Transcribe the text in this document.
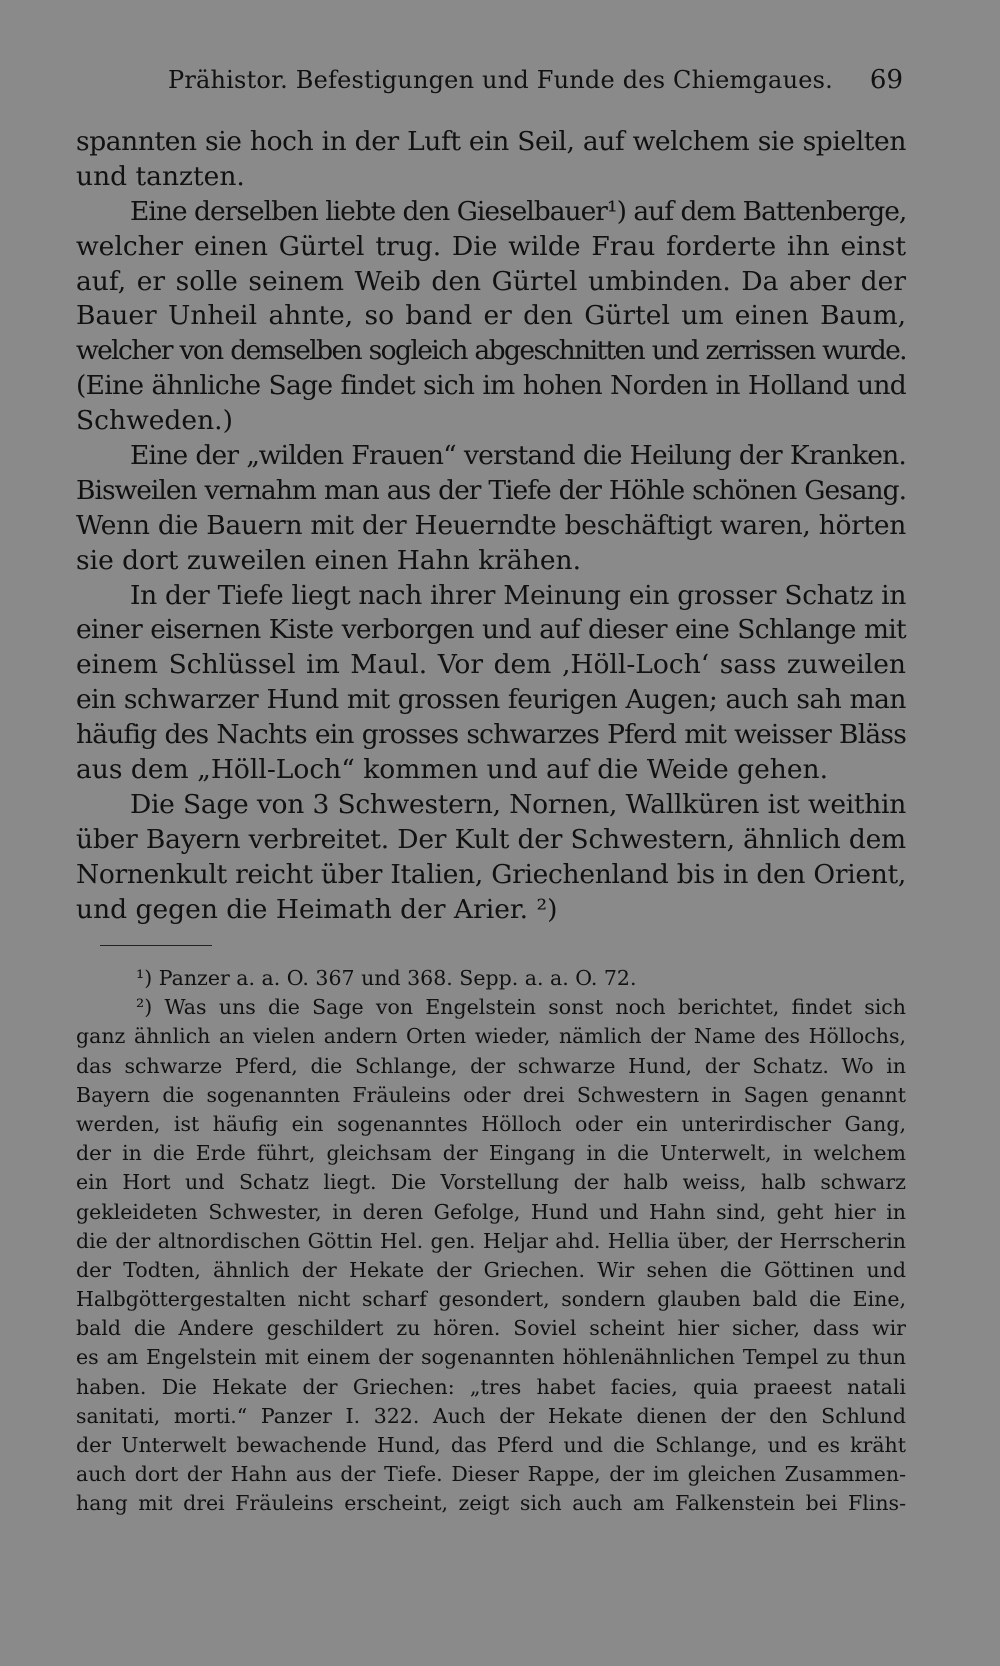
Prähistor. Befestigungen und Funde des Chiemgaues. 69
spannten sie hoch in der Luft ein Seil, auf welchem sie spielten
und tanzten.
Eine derselben liebte den Gieselbauer¹) auf dem Battenberge,
welcher einen Gürtel trug. Die wilde Frau forderte ihn einst
auf, er solle seinem Weib den Gürtel umbinden. Da aber der
Bauer Unheil ahnte, so band er den Gürtel um einen Baum,
welcher von demselben sogleich abgeschnitten und zerrissen wurde.
(Eine ähnliche Sage findet sich im hohen Norden in Holland und
Schweden.)
Eine der „wilden Frauen“ verstand die Heilung der Kranken.
Bisweilen vernahm man aus der Tiefe der Höhle schönen Gesang.
Wenn die Bauern mit der Heuerndte beschäftigt waren, hörten
sie dort zuweilen einen Hahn krähen.
In der Tiefe liegt nach ihrer Meinung ein grosser Schatz in
einer eisernen Kiste verborgen und auf dieser eine Schlange mit
einem Schlüssel im Maul. Vor dem ‚Höll-Loch‘ sass zuweilen
ein schwarzer Hund mit grossen feurigen Augen; auch sah man
häufig des Nachts ein grosses schwarzes Pferd mit weisser Bläss
aus dem „Höll-Loch“ kommen und auf die Weide gehen.
Die Sage von 3 Schwestern, Nornen, Wallküren ist weithin
über Bayern verbreitet. Der Kult der Schwestern, ähnlich dem
Nornenkult reicht über Italien, Griechenland bis in den Orient,
und gegen die Heimath der Arier. ²)
¹) Panzer a. a. O. 367 und 368. Sepp. a. a. O. 72.
²) Was uns die Sage von Engelstein sonst noch berichtet, findet sich
ganz ähnlich an vielen andern Orten wieder, nämlich der Name des Höllochs,
das schwarze Pferd, die Schlange, der schwarze Hund, der Schatz. Wo in
Bayern die sogenannten Fräuleins oder drei Schwestern in Sagen genannt
werden, ist häufig ein sogenanntes Hölloch oder ein unterirdischer Gang,
der in die Erde führt, gleichsam der Eingang in die Unterwelt, in welchem
ein Hort und Schatz liegt. Die Vorstellung der halb weiss, halb schwarz
gekleideten Schwester, in deren Gefolge, Hund und Hahn sind, geht hier in
die der altnordischen Göttin Hel. gen. Heljar ahd. Hellia über, der Herrscherin
der Todten, ähnlich der Hekate der Griechen. Wir sehen die Göttinen und
Halbgöttergestalten nicht scharf gesondert, sondern glauben bald die Eine,
bald die Andere geschildert zu hören. Soviel scheint hier sicher, dass wir
es am Engelstein mit einem der sogenannten höhlenähnlichen Tempel zu thun
haben. Die Hekate der Griechen: „tres habet facies, quia praeest natali
sanitati, morti.“ Panzer I. 322. Auch der Hekate dienen der den Schlund
der Unterwelt bewachende Hund, das Pferd und die Schlange, und es kräht
auch dort der Hahn aus der Tiefe. Dieser Rappe, der im gleichen Zusammen-
hang mit drei Fräuleins erscheint, zeigt sich auch am Falkenstein bei Flins-
